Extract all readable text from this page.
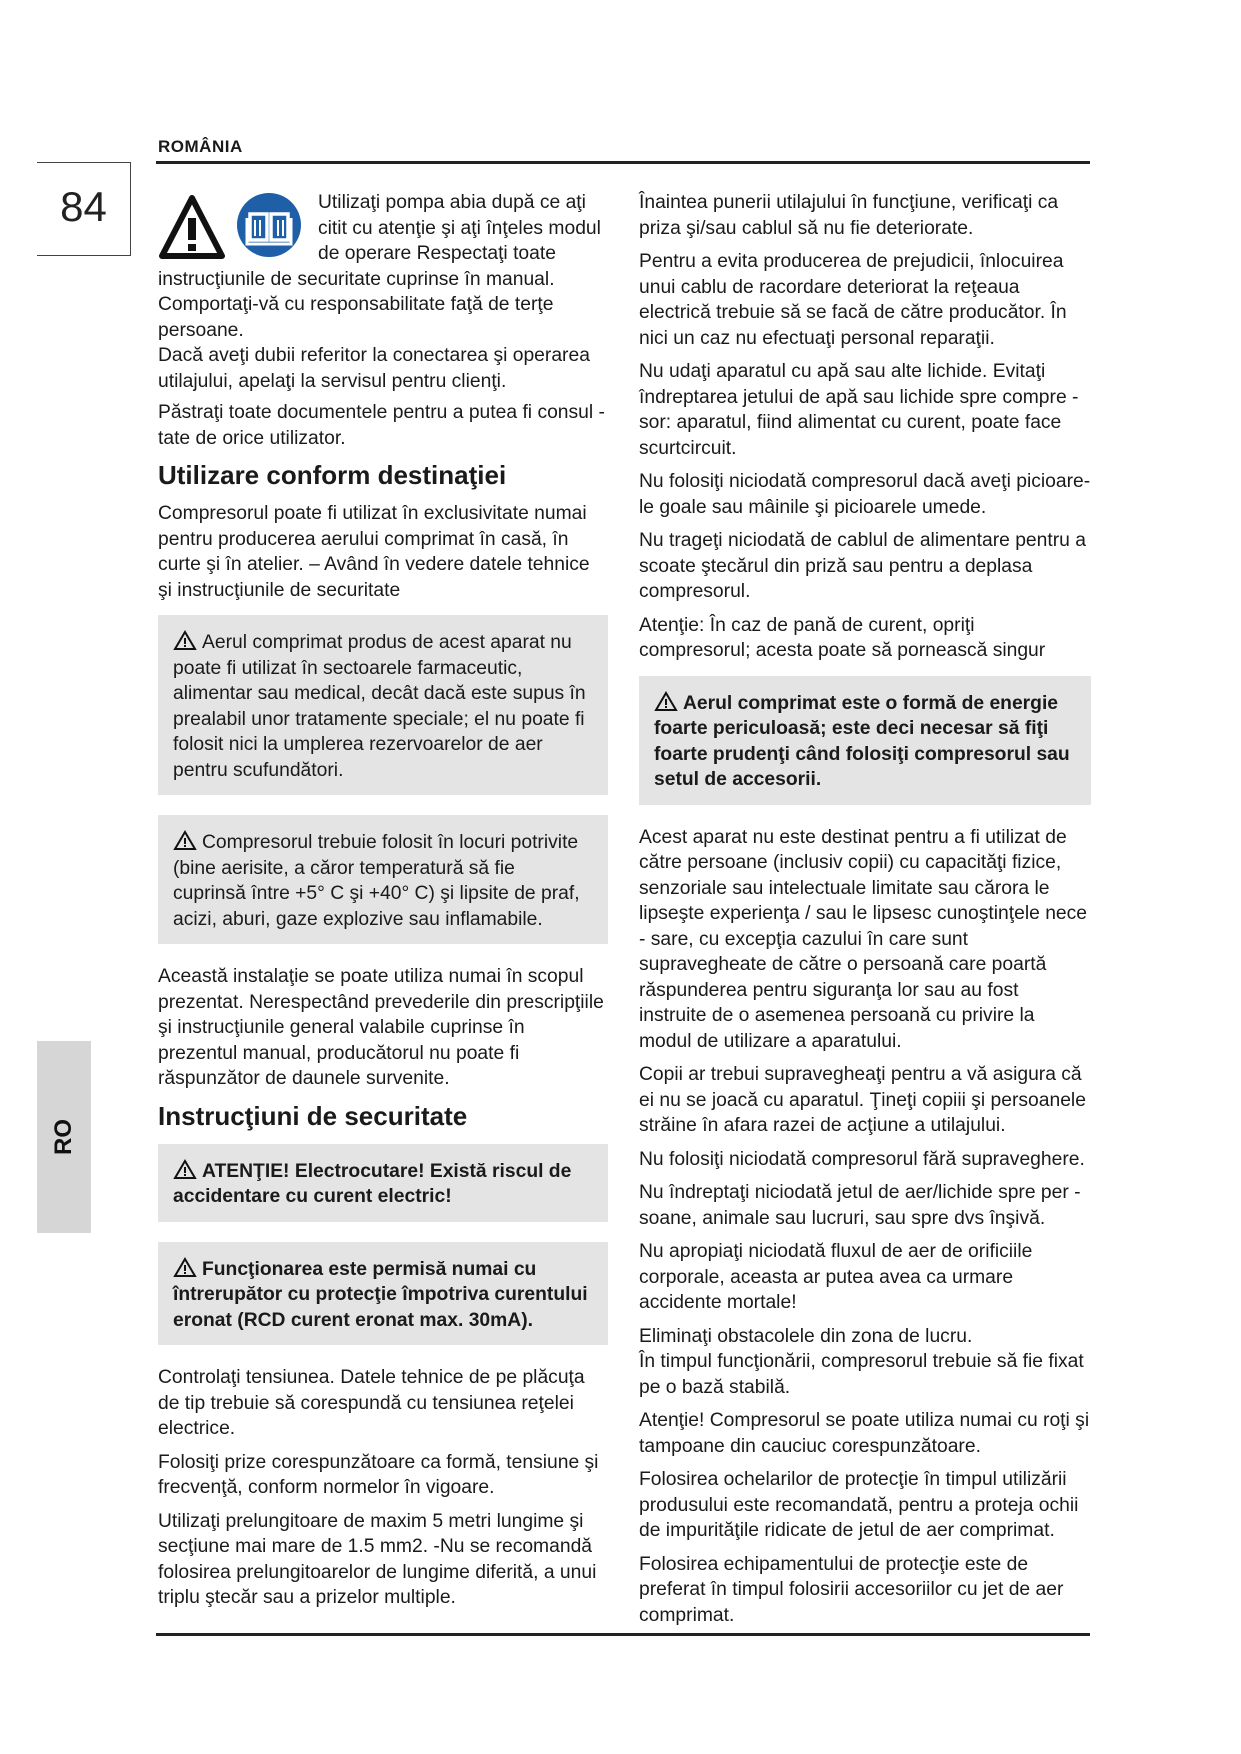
ROMÂNIA
84
RO

Utilizaţi pompa abia după ce aţi citit cu atenţie şi aţi înţeles modul de operare Respectaţi toate instrucţiunile de securitate cuprinse în manual. Comportaţi-vă cu responsabilitate faţă de terţe persoane.

Dacă aveţi dubii referitor la conectarea şi operarea utilajului, apelaţi la servisul pentru clienţi.

Păstraţi toate documentele pentru a putea fi consul - tate de orice utilizator.

Utilizare conform destinaţiei

Compresorul poate fi utilizat în exclusivitate numai pentru producerea aerului comprimat în casă, în curte şi în atelier. – Având în vedere datele tehnice şi instrucţiunile de securitate

Aerul comprimat produs de acest aparat nu poate fi utilizat în sectoarele farmaceutic, alimentar sau medical, decât dacă este supus în prealabil unor tratamente speciale; el nu poate fi folosit nici la umplerea rezervoarelor de aer pentru scufundători.
Compresorul trebuie folosit în locuri potrivite (bine aerisite, a căror temperatură să fie cuprinsă între +5° C şi +40° C) şi lipsite de praf, acizi, aburi, gaze explozive sau inflamabile.

Această instalaţie se poate utiliza numai în scopul prezentat. Nerespectând prevederile din prescripţiile şi instrucţiunile general valabile cuprinse în prezentul manual, producătorul nu poate fi răspunzător de daunele survenite.

Instrucţiuni de securitate
ATENŢIE! Electrocutare! Există riscul de accidentare cu curent electric!
Funcţionarea este permisă numai cu întrerupător cu protecţie împotriva curentului eronat (RCD curent eronat max. 30mA).

Controlaţi tensiunea. Datele tehnice de pe plăcuţa de tip trebuie să corespundă cu tensiunea reţelei electrice.

Folosiţi prize corespunzătoare ca formă, tensiune şi frecvenţă, conform normelor în vigoare.

Utilizaţi prelungitoare de maxim 5 metri lungime şi secţiune mai mare de 1.5 mm2. -Nu se recomandă folosirea prelungitoarelor de lungime diferită, a unui triplu ştecăr sau a prizelor multiple.

Înaintea punerii utilajului în funcţiune, verificaţi ca priza şi/sau cablul să nu fie deteriorate.

Pentru a evita producerea de prejudicii, înlocuirea unui cablu de racordare deteriorat la reţeaua electrică trebuie să se facă de către producător. În nici un caz nu efectuaţi personal reparaţii.

Nu udaţi aparatul cu apă sau alte lichide. Evitaţi îndreptarea jetului de apă sau lichide spre compre - sor: aparatul, fiind alimentat cu curent, poate face scurtcircuit.

Nu folosiţi niciodată compresorul dacă aveţi picioare- le goale sau mâinile şi picioarele umede.

Nu trageţi niciodată de cablul de alimentare pentru a scoate ştecărul din priză sau pentru a deplasa compresorul.

Atenţie: În caz de pană de curent, opriţi compresorul; acesta poate să pornească singur

Aerul comprimat este o formă de energie foarte periculoasă; este deci necesar să fiţi foarte prudenţi când folosiţi compresorul sau setul de accesorii.

Acest aparat nu este destinat pentru a fi utilizat de către persoane (inclusiv copii) cu capacităţi fizice, senzoriale sau intelectuale limitate sau cărora le lipseşte experienţa / sau le lipsesc cunoştinţele nece - sare, cu excepţia cazului în care sunt supravegheate de către o persoană care poartă răspunderea pentru siguranţa lor sau au fost instruite de o asemenea persoană cu privire la modul de utilizare a aparatului.

Copii ar trebui supravegheaţi pentru a vă asigura că ei nu se joacă cu aparatul. Ţineţi copiii şi persoanele străine în afara razei de acţiune a utilajului.

Nu folosiţi niciodată compresorul fără supraveghere.

Nu îndreptaţi niciodată jetul de aer/lichide spre per - soane, animale sau lucruri, sau spre dvs înşivă.

Nu apropiaţi niciodată fluxul de aer de orificiile corporale, aceasta ar putea avea ca urmare accidente mortale!

Eliminaţi obstacolele din zona de lucru.

În timpul funcţionării, compresorul trebuie să fie fixat pe o bază stabilă.

Atenţie! Compresorul se poate utiliza numai cu roţi şi tampoane din cauciuc corespunzătoare.

Folosirea ochelarilor de protecţie în timpul utilizării produsului este recomandată, pentru a proteja ochii de impurităţile ridicate de jetul de aer comprimat.

Folosirea echipamentului de protecţie este de preferat în timpul folosirii accesoriilor cu jet de aer comprimat.
